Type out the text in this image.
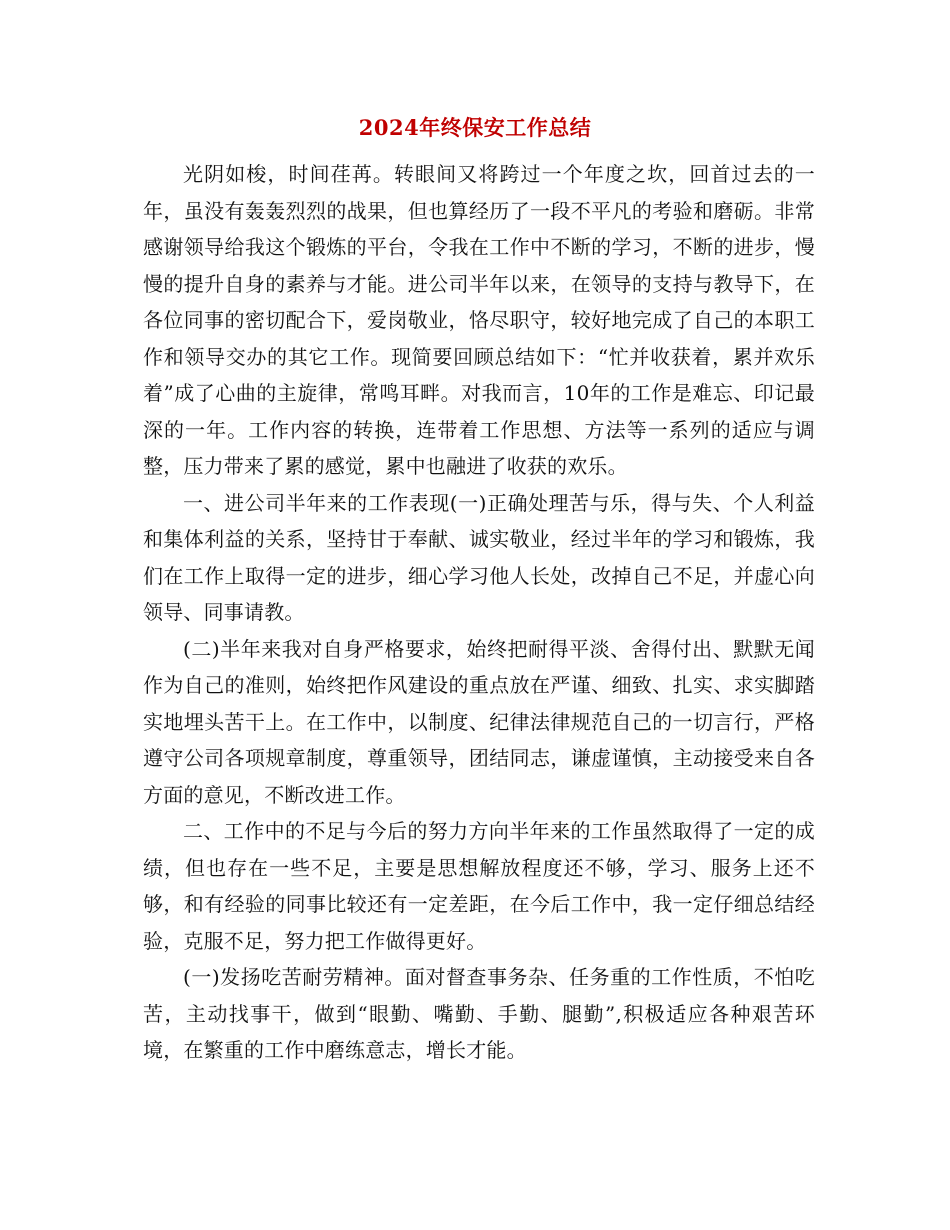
2024年终保安工作总结

光阴如梭，时间荏苒。转眼间又将跨过一个年度之坎，回首过去的一年，虽没有轰轰烈烈的战果，但也算经历了一段不平凡的考验和磨砺。非常感谢领导给我这个锻炼的平台，令我在工作中不断的学习，不断的进步，慢慢的提升自身的素养与才能。进公司半年以来，在领导的支持与教导下，在各位同事的密切配合下，爱岗敬业，恪尽职守，较好地完成了自己的本职工作和领导交办的其它工作。现简要回顾总结如下：“忙并收获着，累并欢乐着”成了心曲的主旋律，常鸣耳畔。对我而言，10年的工作是难忘、印记最深的一年。工作内容的转换，连带着工作思想、方法等一系列的适应与调整，压力带来了累的感觉，累中也融进了收获的欢乐。

一、进公司半年来的工作表现(一)正确处理苦与乐，得与失、个人利益和集体利益的关系，坚持甘于奉献、诚实敬业，经过半年的学习和锻炼，我们在工作上取得一定的进步，细心学习他人长处，改掉自己不足，并虚心向领导、同事请教。

(二)半年来我对自身严格要求，始终把耐得平淡、舍得付出、默默无闻作为自己的准则，始终把作风建设的重点放在严谨、细致、扎实、求实脚踏实地埋头苦干上。在工作中，以制度、纪律法律规范自己的一切言行，严格遵守公司各项规章制度，尊重领导，团结同志，谦虚谨慎，主动接受来自各方面的意见，不断改进工作。

二、工作中的不足与今后的努力方向半年来的工作虽然取得了一定的成绩，但也存在一些不足，主要是思想解放程度还不够，学习、服务上还不够，和有经验的同事比较还有一定差距，在今后工作中，我一定仔细总结经验，克服不足，努力把工作做得更好。

(一)发扬吃苦耐劳精神。面对督查事务杂、任务重的工作性质，不怕吃苦，主动找事干，做到“眼勤、嘴勤、手勤、腿勤”,积极适应各种艰苦环境，在繁重的工作中磨练意志，增长才能。
